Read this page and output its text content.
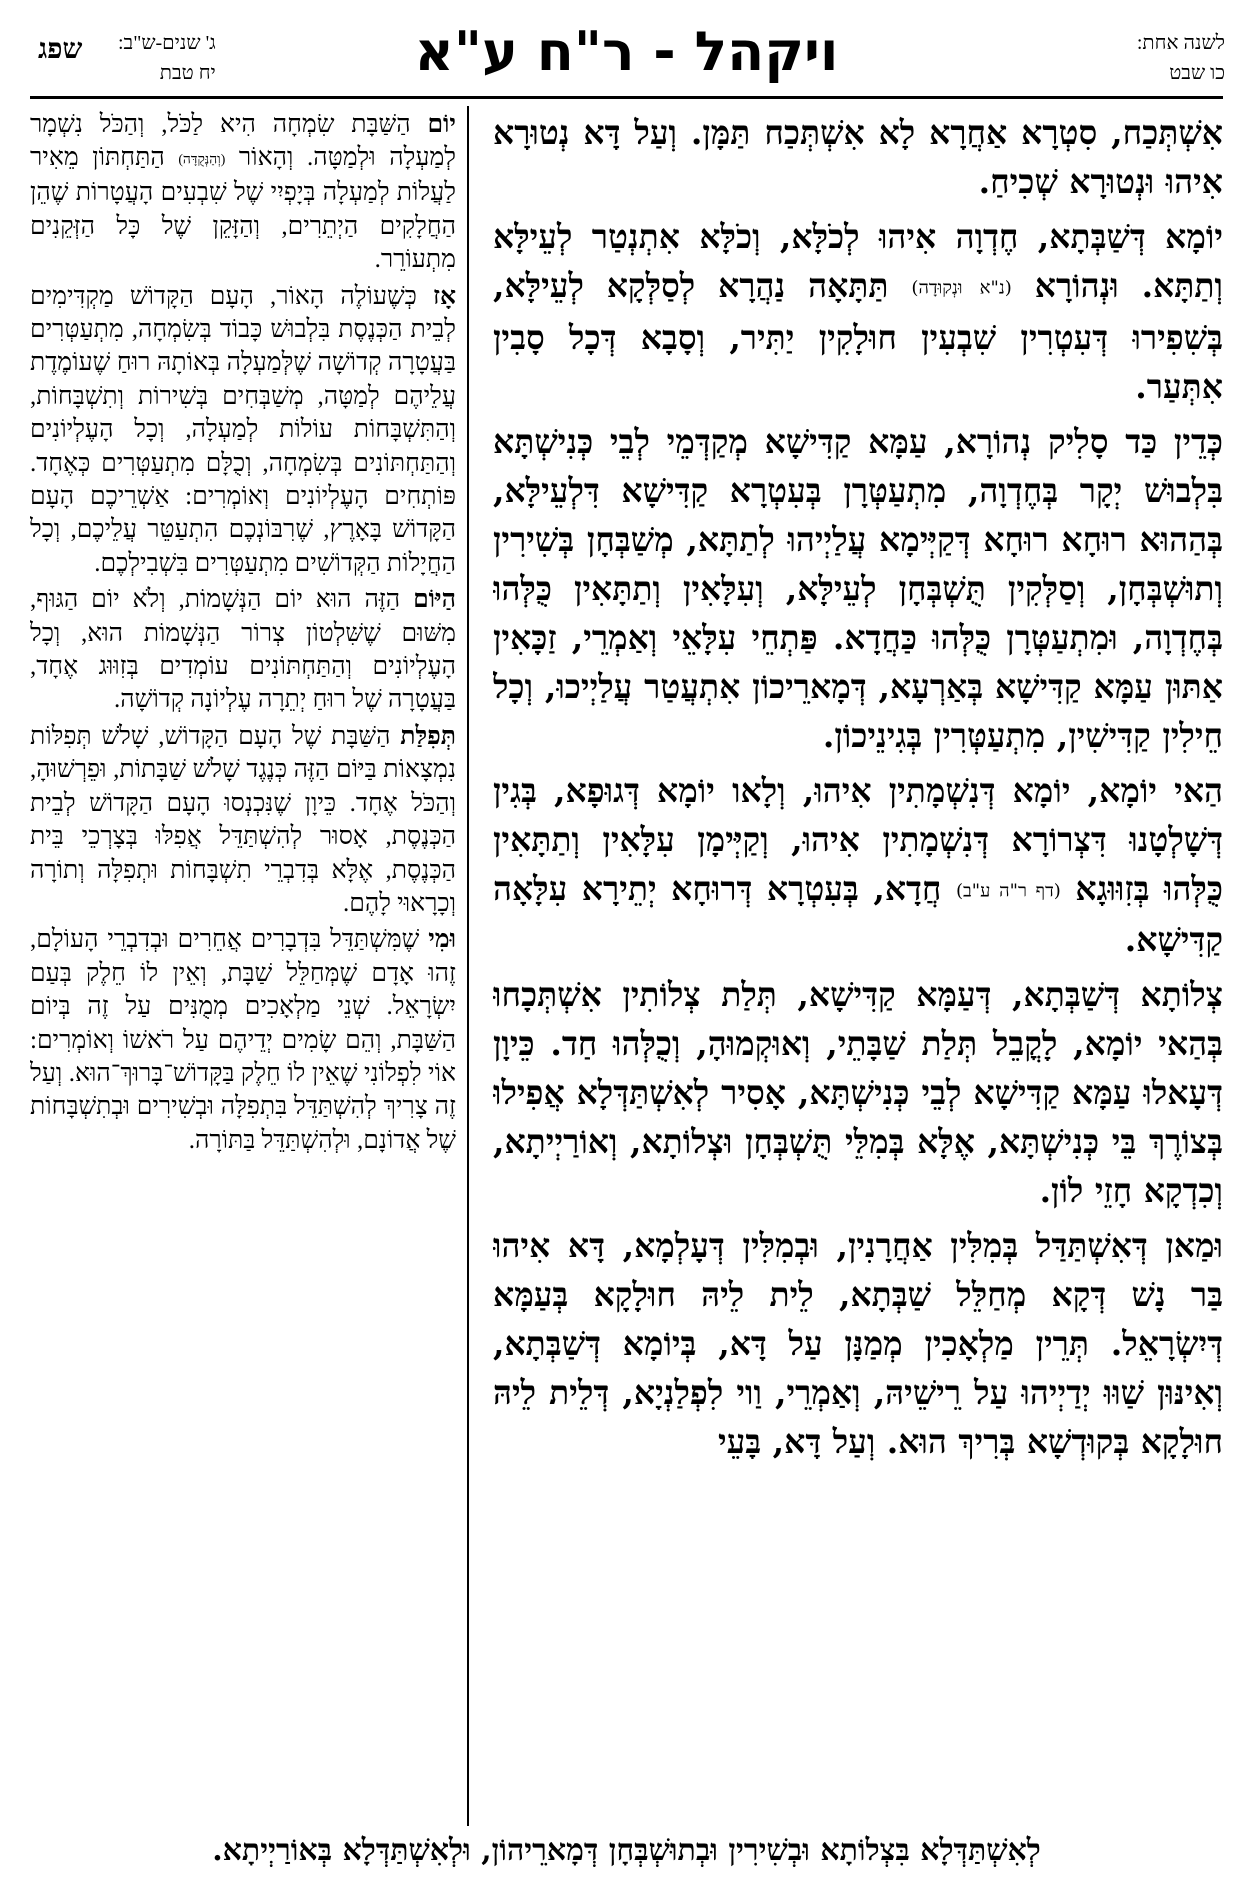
לשנה אחת:
כו שבט
ויקהל - ר"ח ע"א
ג' שנים-ש"ב:
יח טבת
שפג

אִשְׁתְּכַח, סִטְרָא אַחֲרָא לָא אִשְׁתְּכַח תַּמָּן. וְעַל דָּא נְטוּרָא אִיהוּ וּנְטוּרָא שְׁכִיחַ.

יוֹמָא דְּשַׁבְּתָא, חֶדְוָה אִיהוּ לְכֹלָּא, וְכֹלָּא אִתְנְטַר לְעֵילָּא וְתַתָּא. וּנְהוֹרָא (נ"א וּנְקוּדָה) תַּתָּאָה נַהֲרָא לְסַלְּקָא לְעֵילָּא, בְּשִׁפִירוּ דְּעִטְרִין שִׁבְעִין חוּלָקִין יַתִּיר, וְסָבָא דְּכָל סָבִין אִתְּעַר.

כְּדֵין כַּד סָלִיק נְהוֹרָא, עַמָּא קַדִּישָׁא מְקַדְּמֵי לְבֵי כְּנִישְׁתָּא בִּלְבוּשׁ יְקָר בְּחֶדְוָה, מִתְעַטְּרָן בְּעִטְרָא קַדִּישָׁא דִּלְעֵילָּא, בְּהַהוּא רוּחָא רוּחָא דְּקַיְּימָא עֲלַיְיהוּ לְתַתָּא, מְשַׁבְּחָן בְּשִׁירִין וְתוּשְׁבְּחָן, וְסַלְּקִין תֻּשְׁבְּחָן לְעֵילָּא, וְעִלָּאִין וְתַתָּאִין כֻּלְּהוּ בְּחֶדְוָה, וּמִתְעַטְּרָן כֻּלְּהוּ כַּחֲדָא. פַּתְחֵי עִלָּאֵי וְאַמְרֵי, זַכָּאִין אַתּוּן עַמָּא קַדִּישָׁא בְּאַרְעָא, דְּמָארֵיכוֹן אִתְעֲטַר עֲלַיְיכוּ, וְכָל חֵילִין קַדִּישִׁין, מִתְעַטְּרִין בְּגִינֵיכוֹן.

הַאי יוֹמָא, יוֹמָא דְּנִשְׁמָתִין אִיהוּ, וְלָאו יוֹמָא דְּגוּפָא, בְּגִין דְּשָׁלְטָנוּ דִּצְרוֹרָא דְּנִשְׁמָתִין אִיהוּ, וְקַיְּימָן עִלָּאִין וְתַתָּאִין כֻּלְּהוּ בְּזִוּוּגָא (דף ר"ה ע"ב) חֲדָא, בְּעִטְרָא דְּרוּחָא יְתֵירָא עִלָּאָה קַדִּישָׁא.

צְלוֹתָא דְּשַׁבְּתָא, דְּעַמָּא קַדִּישָׁא, תְּלַת צְלוֹתִין אִשְׁתְּכָחוּ בְּהַאי יוֹמָא, לָקֳבֵל תְּלַת שַׁבָּתֵי, וְאוּקְמוּהָ, וְכֻלְּהוּ חַד. כֵּיוָן דְּעָאלוּ עַמָּא קַדִּישָׁא לְבֵי כְּנִישְׁתָּא, אָסִיר לְאִשְׁתַּדְּלָא אֲפִילוּ בְּצוֹרֶךְ בֵּי כְּנִישְׁתָּא, אֶלָּא בְּמִלֵּי תֻּשְׁבְּחָן וּצְלוֹתָא, וְאוֹרַיְיתָא, וְכִדְקָא חָזֵי לוֹן.

וּמַאן דְּאִשְׁתַּדַּל בְּמִלִּין אַחֲרָנִין, וּבְמִלִּין דְּעָלְמָא, דָּא אִיהוּ בַּר נָשׁ דְּקָא מְחַלֵּל שַׁבְּתָא, לֵית לֵיהּ חוּלָקָא בְּעַמָּא דְּיִשְׂרָאֵל. תְּרֵין מַלְאָכִין מְמַנָּן עַל דָּא, בְּיוֹמָא דְּשַׁבְּתָא, וְאִינּוּן שַׁוּוּ יְדַיְיהוּ עַל רֵישֵׁיהּ, וְאַמְרֵי, וַוי לִפְלַנְיָא, דְּלֵית לֵיהּ חוּלָקָא בְּקוּדְשָׁא בְּרִיךְ הוּא. וְעַל דָּא, בָּעֵי

יוֹם הַשַּׁבָּת שִׂמְחָה הִיא לַכֹּל, וְהַכֹּל נִשְׁמָר לְמַעְלָה וּלְמַטָּה. וְהָאוֹר (וְהַנְּקֻדָּה) הַתַּחְתּוֹן מֵאִיר לַעֲלוֹת לְמַעְלָה בְּיָפְיִי שֶׁל שִׁבְעִים הָעֲטָרוֹת שֶׁהֵן הַחֲלָקִים הַיְתֵרִים, וְהַזָּקֵן שֶׁל כָּל הַזְּקֵנִים מִתְעוֹרֵר.

אָז כְּשֶׁעוֹלֶה הָאוֹר, הָעָם הַקָּדוֹשׁ מַקְדִּימִים לְבֵית הַכְּנֶסֶת בִּלְבוּשׁ כָּבוֹד בְּשִׂמְחָה, מִתְעַטְּרִים בַּעֲטָרָה קְדוֹשָׁה שֶׁלְּמַעְלָה בְּאוֹתָהּ רוּחַ שֶׁעוֹמֶדֶת עֲלֵיהֶם לְמַטָּה, מְשַׁבְּחִים בְּשִׁירוֹת וְתִשְׁבָּחוֹת, וְהַתִּשְׁבָּחוֹת עוֹלוֹת לְמַעְלָה, וְכָל הָעֶלְיוֹנִים וְהַתַּחְתּוֹנִים בְּשִׂמְחָה, וְכֻלָּם מִתְעַטְּרִים כְּאֶחָד. פּוֹתְחִים הָעֶלְיוֹנִים וְאוֹמְרִים: אַשְׁרֵיכֶם הָעָם הַקָּדוֹשׁ בָּאָרֶץ, שֶׁרִבּוֹנְכֶם הִתְעַטֵּר עֲלֵיכֶם, וְכָל הַחֲיָלוֹת הַקְּדוֹשִׁים מִתְעַטְּרִים בִּשְׁבִילְכֶם.

הַיּוֹם הַזֶּה הוּא יוֹם הַנְּשָׁמוֹת, וְלֹא יוֹם הַגּוּף, מִשּׁוּם שֶׁשִּׁלְטוֹן צְרוֹר הַנְּשָׁמוֹת הוּא, וְכָל הָעֶלְיוֹנִים וְהַתַּחְתּוֹנִים עוֹמְדִים בְּזִוּוּג אֶחָד, בַּעֲטָרָה שֶׁל רוּחַ יְתֵרָה עֶלְיוֹנָה קְדוֹשָׁה.

תְּפִלַּת הַשַּׁבָּת שֶׁל הָעָם הַקָּדוֹשׁ, שָׁלֹשׁ תְּפִלּוֹת נִמְצָאוֹת בַּיּוֹם הַזֶּה כְּנֶגֶד שָׁלֹשׁ שַׁבָּתוֹת, וּפֵרְשׁוּהָ, וְהַכֹּל אֶחָד. כֵּיוָן שֶׁנִּכְנְסוּ הָעָם הַקָּדוֹשׁ לְבֵית הַכְּנֶסֶת, אָסוּר לְהִשְׁתַּדֵּל אֲפִלּוּ בְּצָרְכֵי בֵּית הַכְּנֶסֶת, אֶלָּא בְּדִבְרֵי תִשְׁבָּחוֹת וּתְפִלָּה וְתוֹרָה וְכָרָאוּי לָהֶם.

וּמִי שֶׁמִּשְׁתַּדֵּל בִּדְבָרִים אֲחֵרִים וּבְדִבְרֵי הָעוֹלָם, זֶהוּ אָדָם שֶׁמְּחַלֵּל שַׁבָּת, וְאֵין לוֹ חֵלֶק בְּעַם יִשְׂרָאֵל. שְׁנֵי מַלְאָכִים מְמֻנִּים עַל זֶה בְּיוֹם הַשַּׁבָּת, וְהֵם שָׂמִים יְדֵיהֶם עַל רֹאשׁוֹ וְאוֹמְרִים: אוֹי לִפְלוֹנִי שֶׁאֵין לוֹ חֵלֶק בַּקָּדוֹשׁ־בָּרוּךְ־הוּא. וְעַל זֶה צָרִיךְ לְהִשְׁתַּדֵּל בִּתְפִלָּה וּבְשִׁירִים וּבְתִשְׁבָּחוֹת שֶׁל אֲדוֹנָם, וּלְהִשְׁתַּדֵּל בַּתּוֹרָה.

לְאִשְׁתַּדְּלָא בִּצְלוֹתָא וּבְשִׁירִין וּבְתוּשְׁבְּחָן דְּמָארֵיהוֹן, וּלְאִשְׁתַּדְּלָא בְּאוֹרַיְיתָא.
